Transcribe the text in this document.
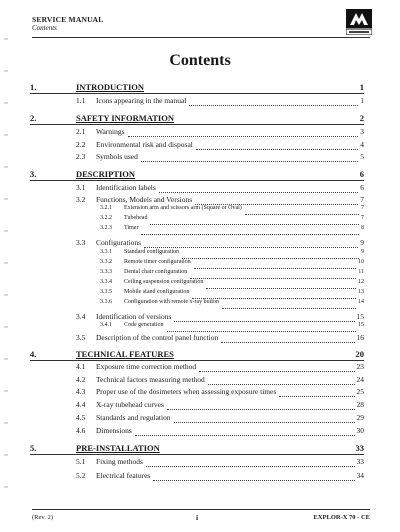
SERVICE MANUAL
Contents
Contents
1.	INTRODUCTION	1
1.1	Icons appearing in the manual	1
2.	SAFETY INFORMATION	2
2.1	Warnings	3
2.2	Environmental risk and disposal	4
2.3	Symbols used	5
3.	DESCRIPTION	6
3.1	Identification labels	6
3.2	Functions, Models and Versions	7
3.2.1	Extension arm and scissors arm (Square or Oval)	7
3.2.2	Tubehead	7
3.2.3	Timer	8
3.3	Configurations	9
3.3.1	Standard configuration	9
3.3.2	Remote timer configuration	10
3.3.3	Dental chair configuration	11
3.3.4	Ceiling suspension configuration	12
3.3.5	Mobile stand configuration	13
3.3.6	Configuration with remote x-ray button	14
3.4	Identification of versions	15
3.4.1	Code generation	15
3.5	Description of the control panel function	16
4.	TECHNICAL FEATURES	20
4.1	Exposure time correction method	23
4.2	Technical factors measuring method	24
4.3	Proper use of the dosimeters when assessing exposure times	25
4.4	X-ray tubehead curves	28
4.5	Standards and regulation	29
4.6	Dimensions	30
5.	PRE-INSTALLATION	33
5.1	Fixing methods	33
5.2	Electrical features	34
(Rev. 2)	i	EXPLOR-X 70 - CE
